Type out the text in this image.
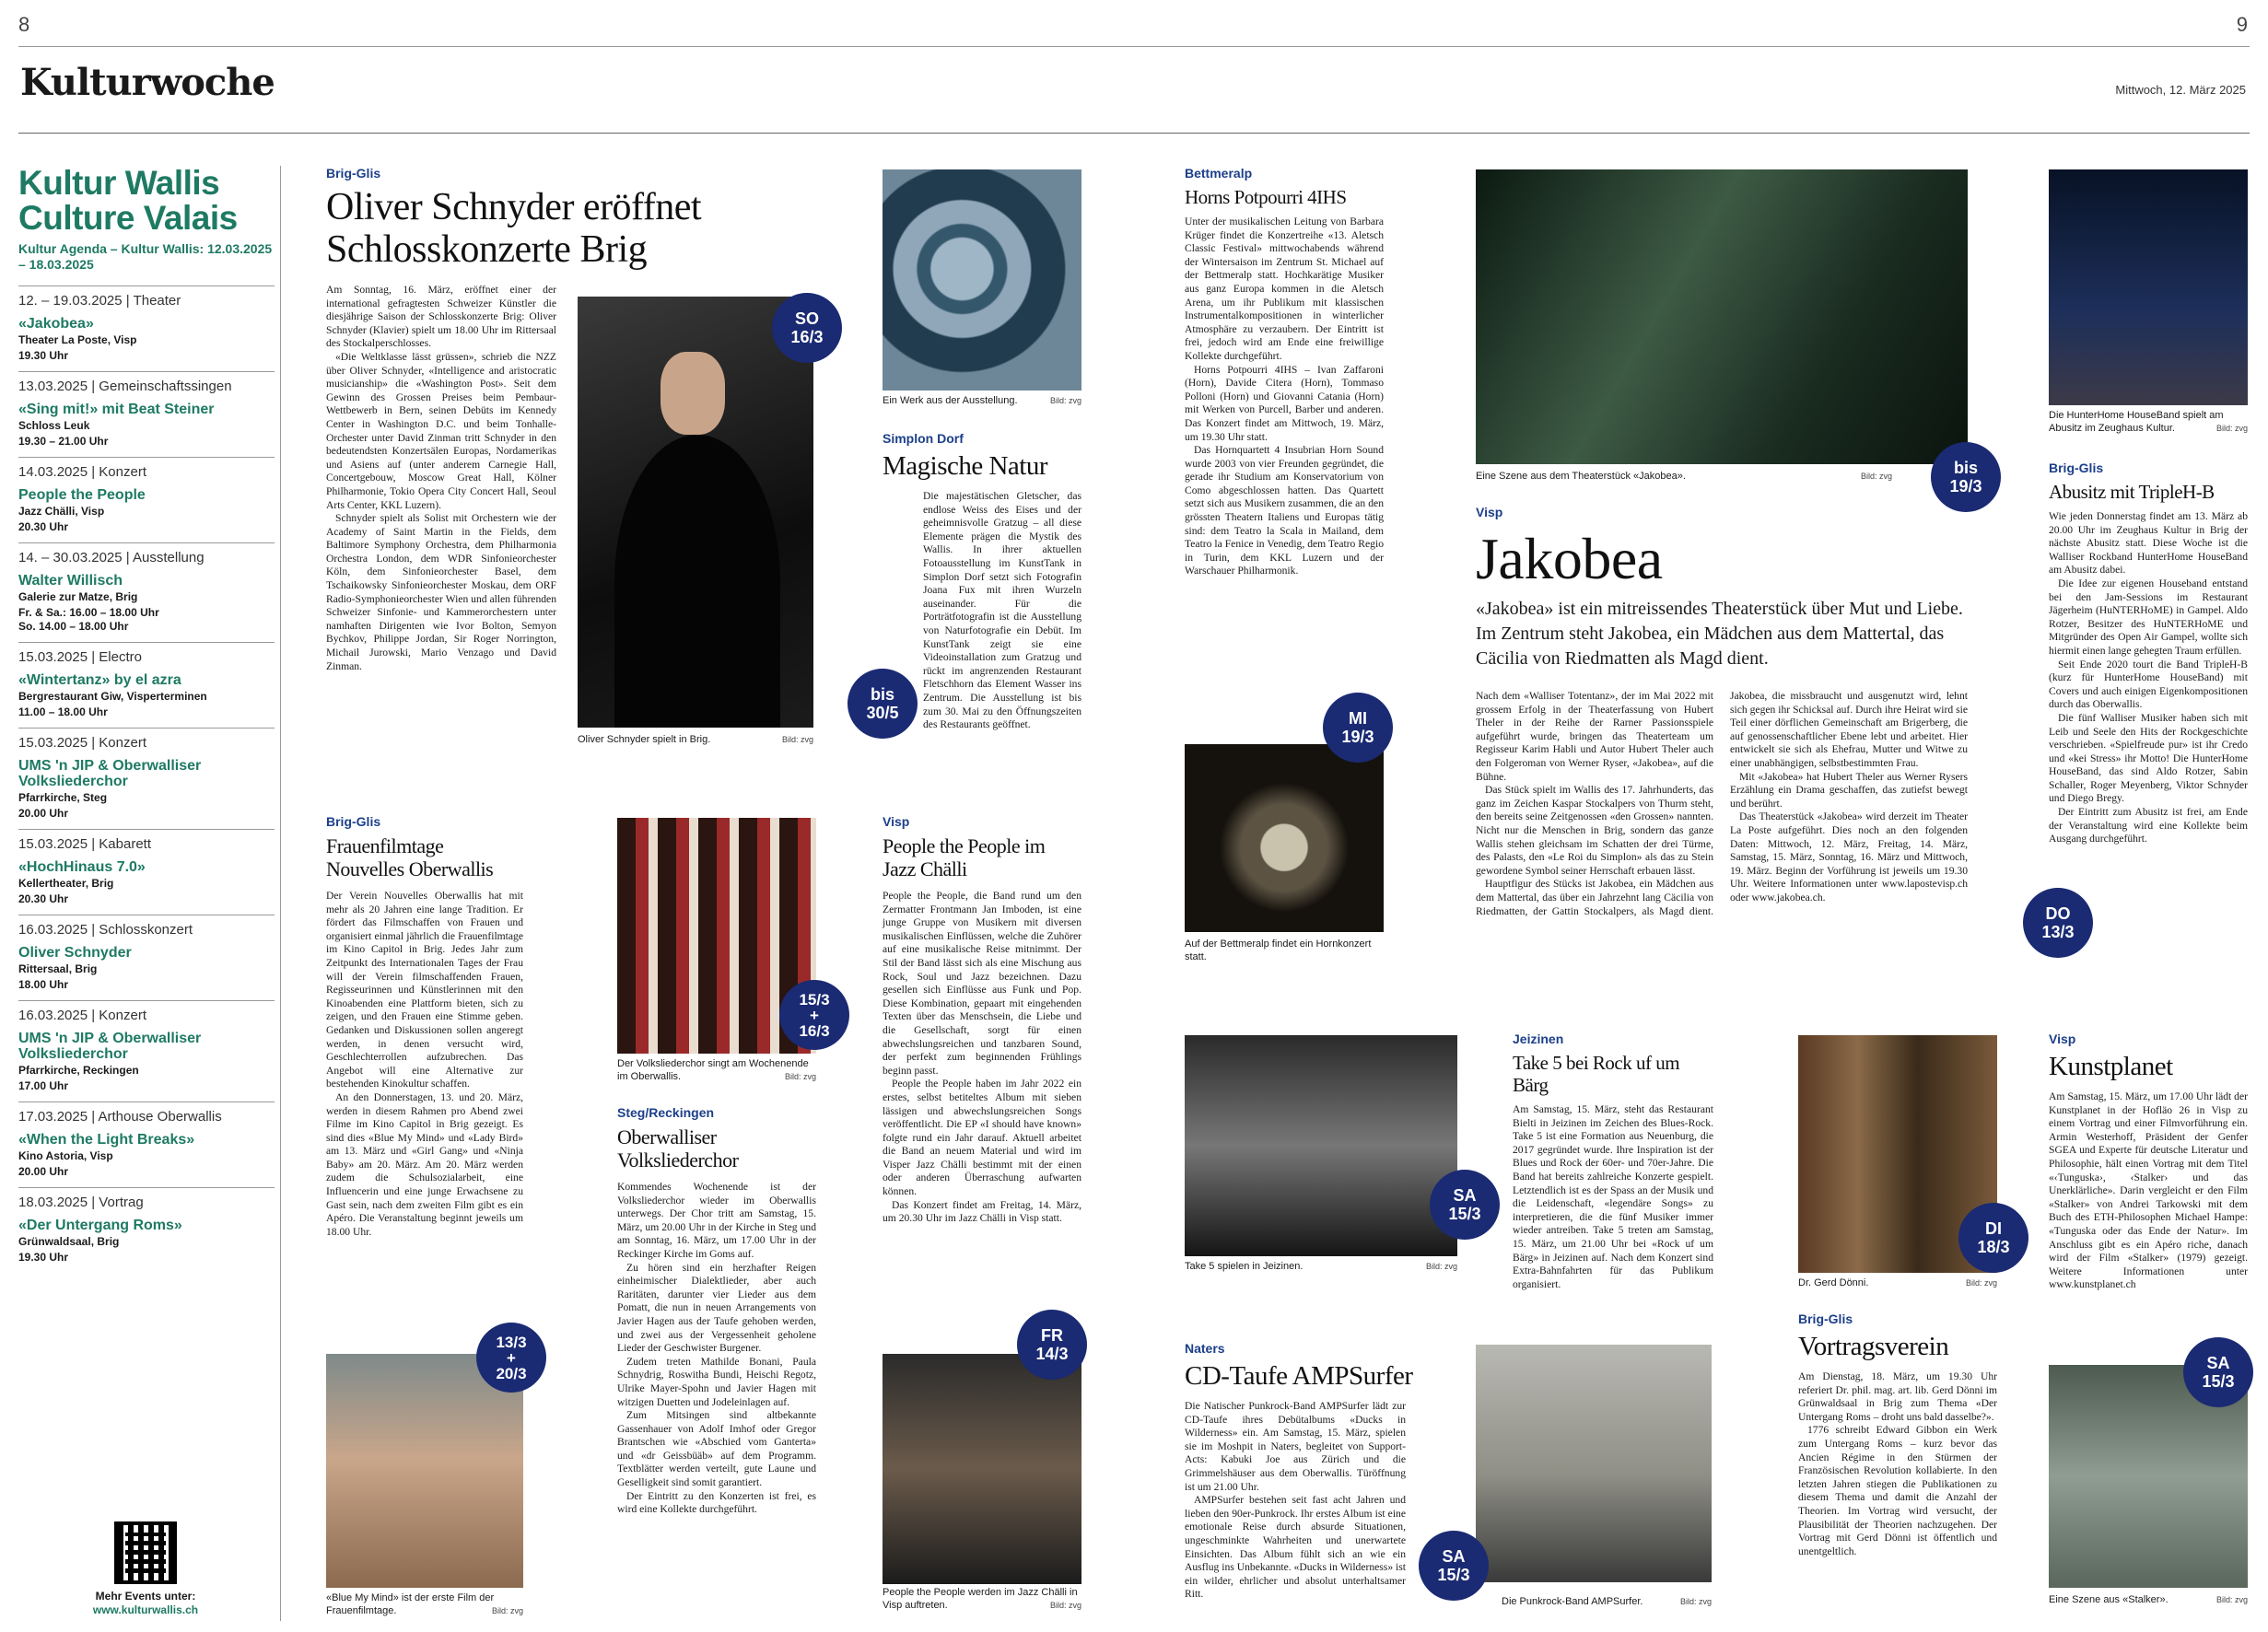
8	9
Kulturwoche	Mittwoch, 12. März 2025
Kultur Wallis
Culture Valais
Kultur Agenda – Kultur Wallis: 12.03.2025 – 18.03.2025
12. – 19.03.2025 | Theater
«Jakobea»
Theater La Poste, Visp
19.30 Uhr
13.03.2025 | Gemeinschaftssingen
«Sing mit!» mit Beat Steiner
Schloss Leuk
19.30 – 21.00 Uhr
14.03.2025 | Konzert
People the People
Jazz Chälli, Visp
20.30 Uhr
14. – 30.03.2025 | Ausstellung
Walter Willisch
Galerie zur Matze, Brig
Fr. & Sa.: 16.00 – 18.00 Uhr
So. 14.00 – 18.00 Uhr
15.03.2025 | Electro
«Wintertanz» by el azra
Bergrestaurant Giw, Visperterminen
11.00 – 18.00 Uhr
15.03.2025 | Konzert
UMS 'n JIP & Oberwalliser Volksliederchor
Pfarrkirche, Steg
20.00 Uhr
15.03.2025 | Kabarett
«HochHinaus 7.0»
Kellertheater, Brig
20.30 Uhr
16.03.2025 | Schlosskonzert
Oliver Schnyder
Rittersaal, Brig
18.00 Uhr
16.03.2025 | Konzert
UMS 'n JIP & Oberwalliser Volksliederchor
Pfarrkirche, Reckingen
17.00 Uhr
17.03.2025 | Arthouse Oberwallis
«When the Light Breaks»
Kino Astoria, Visp
20.00 Uhr
18.03.2025 | Vortrag
«Der Untergang Roms»
Grünwaldsaal, Brig
19.30 Uhr
Mehr Events unter:
www.kulturwallis.ch
Brig-Glis
Oliver Schnyder eröffnet Schlosskonzerte Brig

Am Sonntag, 16. März, eröffnet einer der international gefragtesten Schweizer Künstler die diesjährige Saison der Schlosskonzerte Brig: Oliver Schnyder (Klavier) spielt um 18.00 Uhr im Rittersaal des Stockalperschlosses.

«Die Weltklasse lässt grüssen», schrieb die NZZ über Oliver Schnyder, «Intelligence and aristocratic musicianship» die «Washington Post». Seit dem Gewinn des Grossen Preises beim Pembaur-Wettbewerb in Bern, seinen Debüts im Kennedy Center in Washington D.C. und beim Tonhalle-Orchester unter David Zinman tritt Schnyder in den bedeutendsten Konzertsälen Europas, Nordamerikas und Asiens auf (unter anderem Carnegie Hall, Concertgebouw, Moscow Great Hall, Kölner Philharmonie, Tokio Opera City Concert Hall, Seoul Arts Center, KKL Luzern).

Schnyder spielt als Solist mit Orchestern wie der Academy of Saint Martin in the Fields, dem Baltimore Symphony Orchestra, dem Philharmonia Orchestra London, dem WDR Sinfonieorchester Köln, dem Sinfonieorchester Basel, dem Tschaikowsky Sinfonieorchester Moskau, dem ORF Radio-Symphonieorchester Wien und allen führenden Schweizer Sinfonie- und Kammerorchestern unter namhaften Dirigenten wie Ivor Bolton, Semyon Bychkov, Philippe Jordan, Sir Roger Norrington, Michail Jurowski, Mario Venzago und David Zinman.

SO
16/3
Oliver Schnyder spielt in Brig.	Bild: zvg
Ein Werk aus der Ausstellung.	Bild: zvg
Simplon Dorf
Magische Natur

Die majestätischen Gletscher, das endlose Weiss des Eises und der geheimnisvolle Gratzug – all diese Elemente prägen die Mystik des Wallis. In ihrer aktuellen Fotoausstellung im KunstTank in Simplon Dorf setzt sich Fotografin Joana Fux mit ihren Wurzeln auseinander. Für die Porträtfotografin ist die Ausstellung von Naturfotografie ein Debüt. Im KunstTank zeigt sie eine Videoinstallation zum Gratzug und rückt im angrenzenden Restaurant Fletschhorn das Element Wasser ins Zentrum. Die Ausstellung ist bis zum 30. Mai zu den Öffnungszeiten des Restaurants geöffnet.

bis
30/5
Brig-Glis
Frauenfilmtage Nouvelles Oberwallis

Der Verein Nouvelles Oberwallis hat mit mehr als 20 Jahren eine lange Tradition. Er fördert das Filmschaffen von Frauen und organisiert einmal jährlich die Frauenfilmtage im Kino Capitol in Brig. Jedes Jahr zum Zeitpunkt des Internationalen Tages der Frau will der Verein filmschaffenden Frauen, Regisseurinnen und Künstlerinnen mit den Kinoabenden eine Plattform bieten, sich zu zeigen, und den Frauen eine Stimme geben. Gedanken und Diskussionen sollen angeregt werden, in denen versucht wird, Geschlechterrollen aufzubrechen. Das Angebot will eine Alternative zur bestehenden Kinokultur schaffen.

An den Donnerstagen, 13. und 20. März, werden in diesem Rahmen pro Abend zwei Filme im Kino Capitol in Brig gezeigt. Es sind dies «Blue My Mind» und «Lady Bird» am 13. März und «Girl Gang» und «Ninja Baby» am 20. März. Am 20. März werden zudem die Schulsozialarbeit, eine Influencerin und eine junge Erwachsene zu Gast sein, nach dem zweiten Film gibt es ein Apéro. Die Veranstaltung beginnt jeweils um 18.00 Uhr.

13/3
+
20/3
«Blue My Mind» ist der erste Film der Frauenfilmtage.	Bild: zvg
15/3
+
16/3
Der Volksliederchor singt am Wochenende im Oberwallis.	Bild: zvg
Steg/Reckingen
Oberwalliser Volksliederchor

Kommendes Wochenende ist der Volksliederchor wieder im Oberwallis unterwegs. Der Chor tritt am Samstag, 15. März, um 20.00 Uhr in der Kirche in Steg und am Sonntag, 16. März, um 17.00 Uhr in der Reckinger Kirche im Goms auf.

Zu hören sind ein herzhafter Reigen einheimischer Dialektlieder, aber auch Raritäten, darunter vier Lieder aus dem Pomatt, die nun in neuen Arrangements von Javier Hagen aus der Taufe gehoben werden, und zwei aus der Vergessenheit geholene Lieder der Geschwister Burgener.

Zudem treten Mathilde Bonani, Paula Schnydrig, Roswitha Bundi, Heischi Regotz, Ulrike Mayer-Spohn und Javier Hagen mit witzigen Duetten und Jodeleinlagen auf.

Zum Mitsingen sind altbekannte Gassenhauer von Adolf Imhof oder Gregor Brantschen wie «Abschied vom Ganterta» und «dr Geissbüäb» auf dem Programm. Textblätter werden verteilt, gute Laune und Geselligkeit sind somit garantiert.

Der Eintritt zu den Konzerten ist frei, es wird eine Kollekte durchgeführt.

Visp
People the People im Jazz Chälli

People the People, die Band rund um den Zermatter Frontmann Jan Imboden, ist eine junge Gruppe von Musikern mit diversen musikalischen Einflüssen, welche die Zuhörer auf eine musikalische Reise mitnimmt. Der Stil der Band lässt sich als eine Mischung aus Rock, Soul und Jazz bezeichnen. Dazu gesellen sich Einflüsse aus Funk und Pop. Diese Kombination, gepaart mit eingehenden Texten über das Menschsein, die Liebe und die Gesellschaft, sorgt für einen abwechslungsreichen und tanzbaren Sound, der perfekt zum beginnenden Frühlings beginn passt.

People the People haben im Jahr 2022 ein erstes, selbst betiteltes Album mit sieben lässigen und abwechslungsreichen Songs veröffentlicht. Die EP «I should have known» folgte rund ein Jahr darauf. Aktuell arbeitet die Band an neuem Material und wird im Visper Jazz Chälli bestimmt mit der einen oder anderen Überraschung aufwarten können.

Das Konzert findet am Freitag, 14. März, um 20.30 Uhr im Jazz Chälli in Visp statt.

FR
14/3
People the People werden im Jazz Chälli in Visp auftreten.	Bild: zvg
Bettmeralp
Horns Potpourri 4IHS

Unter der musikalischen Leitung von Barbara Krüger findet die Konzertreihe «13. Aletsch Classic Festival» mittwochabends während der Wintersaison im Zentrum St. Michael auf der Bettmeralp statt. Hochkarätige Musiker aus ganz Europa kommen in die Aletsch Arena, um ihr Publikum mit klassischen Instrumentalkompositionen in winterlicher Atmosphäre zu verzaubern. Der Eintritt ist frei, jedoch wird am Ende eine freiwillige Kollekte durchgeführt.

Horns Potpourri 4IHS – Ivan Zaffaroni (Horn), Davide Citera (Horn), Tommaso Polloni (Horn) und Giovanni Catania (Horn) mit Werken von Purcell, Barber und anderen. Das Konzert findet am Mittwoch, 19. März, um 19.30 Uhr statt.

Das Hornquartett 4 Insubrian Horn Sound wurde 2003 von vier Freunden gegründet, die gerade ihr Studium am Konservatorium von Como abgeschlossen hatten. Das Quartett setzt sich aus Musikern zusammen, die an den grössten Theatern Italiens und Europas tätig sind: dem Teatro la Scala in Mailand, dem Teatro la Fenice in Venedig, dem Teatro Regio in Turin, dem KKL Luzern und der Warschauer Philharmonik.

MI
19/3
Auf der Bettmeralp findet ein Hornkonzert statt.
Eine Szene aus dem Theaterstück «Jakobea».	Bild: zvg	bis
19/3
Visp
Jakobea
«Jakobea» ist ein mitreissendes Theaterstück über Mut und Liebe. Im Zentrum steht Jakobea, ein Mädchen aus dem Mattertal, das Cäcilia von Riedmatten als Magd dient.

Nach dem «Walliser Totentanz», der im Mai 2022 mit grossem Erfolg in der Theaterfassung von Hubert Theler in der Reihe der Rarner Passionsspiele aufgeführt wurde, bringen das Theaterteam um Regisseur Karim Habli und Autor Hubert Theler auch den Folgeroman von Werner Ryser, «Jakobea», auf die Bühne.

Das Stück spielt im Wallis des 17. Jahrhunderts, das ganz im Zeichen Kaspar Stockalpers von Thurm steht, den bereits seine Zeitgenossen «den Grossen» nannten. Nicht nur die Menschen in Brig, sondern das ganze Wallis stehen gleichsam im Schatten der drei Türme, des Palasts, den «Le Roi du Simplon» als das zu Stein gewordene Symbol seiner Herrschaft erbauen lässt.

Hauptfigur des Stücks ist Jakobea, ein Mädchen aus dem Mattertal, das über ein Jahrzehnt lang Cäcilia von Riedmatten, der Gattin Stockalpers, als Magd dient. Jakobea, die missbraucht und ausgenutzt wird, lehnt sich gegen ihr Schicksal auf. Durch ihre Heirat wird sie Teil einer dörflichen Gemeinschaft am Brigerberg, die auf genossenschaftlicher Ebene lebt und arbeitet. Hier entwickelt sie sich als Ehefrau, Mutter und Witwe zu einer unabhängigen, selbstbestimmten Frau.

Mit «Jakobea» hat Hubert Theler aus Werner Rysers Erzählung ein Drama geschaffen, das zutiefst bewegt und berührt.

Das Theaterstück «Jakobea» wird derzeit im Theater La Poste aufgeführt. Dies noch an den folgenden Daten: Mittwoch, 12. März, Freitag, 14. März, Samstag, 15. März, Sonntag, 16. März und Mittwoch, 19. März. Beginn der Vorführung ist jeweils um 19.30 Uhr. Weitere Informationen unter www.lapostevisp.ch oder www.jakobea.ch.

Die HunterHome HouseBand spielt am Abusitz im Zeughaus Kultur.	Bild: zvg
Brig-Glis
Abusitz mit TripleH-B

Wie jeden Donnerstag findet am 13. März ab 20.00 Uhr im Zeughaus Kultur in Brig der nächste Abusitz statt. Diese Woche ist die Walliser Rockband HunterHome HouseBand am Abusitz dabei.

Die Idee zur eigenen Houseband entstand bei den Jam-Sessions im Restaurant Jägerheim (HuNTERHoME) in Gampel. Aldo Rotzer, Besitzer des HuNTERHoME und Mitgründer des Open Air Gampel, wollte sich hiermit einen lange gehegten Traum erfüllen.

Seit Ende 2020 tourt die Band TripleH-B (kurz für HunterHome HouseBand) mit Covers und auch einigen Eigenkompositionen durch das Oberwallis.

Die fünf Walliser Musiker haben sich mit Leib und Seele den Hits der Rockgeschichte verschrieben. «Spielfreude pur» ist ihr Credo und «kei Stress» ihr Motto! Die HunterHome HouseBand, das sind Aldo Rotzer, Sabin Schaller, Roger Meyenberg, Viktor Schnyder und Diego Bregy.

Der Eintritt zum Abusitz ist frei, am Ende der Veranstaltung wird eine Kollekte beim Ausgang durchgeführt.

DO
13/3
SA
15/3
Take 5 spielen in Jeizinen.	Bild: zvg
Jeizinen
Take 5 bei Rock uf um Bärg

Am Samstag, 15. März, steht das Restaurant Bielti in Jeizinen im Zeichen des Blues-Rock. Take 5 ist eine Formation aus Neuenburg, die 2017 gegründet wurde. Ihre Inspiration ist der Blues und Rock der 60er- und 70er-Jahre. Die Band hat bereits zahlreiche Konzerte gespielt. Letztendlich ist es der Spass an der Musik und die Leidenschaft, «legendäre Songs» zu interpretieren, die die fünf Musiker immer wieder antreiben. Take 5 treten am Samstag, 15. März, um 21.00 Uhr bei «Rock uf um Bärg» in Jeizinen auf. Nach dem Konzert sind Extra-Bahnfahrten für das Publikum organisiert.

Naters
CD-Taufe AMPSurfer

Die Natischer Punkrock-Band AMPSurfer lädt zur CD-Taufe ihres Debütalbums «Ducks in Wilderness» ein. Am Samstag, 15. März, spielen sie im Moshpit in Naters, begleitet von Support-Acts: Kabuki Joe aus Zürich und die Grimmelshäuser aus dem Oberwallis. Türöffnung ist um 21.00 Uhr.

AMPSurfer bestehen seit fast acht Jahren und lieben den 90er-Punkrock. Ihr erstes Album ist eine emotionale Reise durch absurde Situationen, ungeschminkte Wahrheiten und unerwartete Einsichten. Das Album fühlt sich an wie ein Ausflug ins Unbekannte. «Ducks in Wilderness» ist ein wilder, ehrlicher und absolut unterhaltsamer Ritt.

SA
15/3
Die Punkrock-Band AMPSurfer.	Bild: zvg
DI
18/3
Dr. Gerd Dönni.	Bild: zvg
Brig-Glis
Vortragsverein

Am Dienstag, 18. März, um 19.30 Uhr referiert Dr. phil. mag. art. lib. Gerd Dönni im Grünwaldsaal in Brig zum Thema «Der Untergang Roms – droht uns bald dasselbe?».

1776 schreibt Edward Gibbon ein Werk zum Untergang Roms – kurz bevor das Ancien Régime in den Stürmen der Französischen Revolution kollabierte. In den letzten Jahren stiegen die Publikationen zu diesem Thema und damit die Anzahl der Theorien. Im Vortrag wird versucht, der Plausibilität der Theorien nachzugehen. Der Vortrag mit Gerd Dönni ist öffentlich und unentgeltlich.

Visp
Kunstplanet

Am Samstag, 15. März, um 17.00 Uhr lädt der Kunstplanet in der Hofläo 26 in Visp zu einem Vortrag und einer Filmvorführung ein. Armin Westerhoff, Präsident der Genfer SGEA und Experte für deutsche Literatur und Philosophie, hält einen Vortrag mit dem Titel «‹Tunguska›, ‹Stalker› und das Unerklärliche». Darin vergleicht er den Film «Stalker» von Andrei Tarkowski mit dem Buch des ETH-Philosophen Michael Hampe: «Tunguska oder das Ende der Natur». Im Anschluss gibt es ein Apéro riche, danach wird der Film «Stalker» (1979) gezeigt. Weitere Informationen unter www.kunstplanet.ch

SA
15/3
Eine Szene aus «Stalker».	Bild: zvg
